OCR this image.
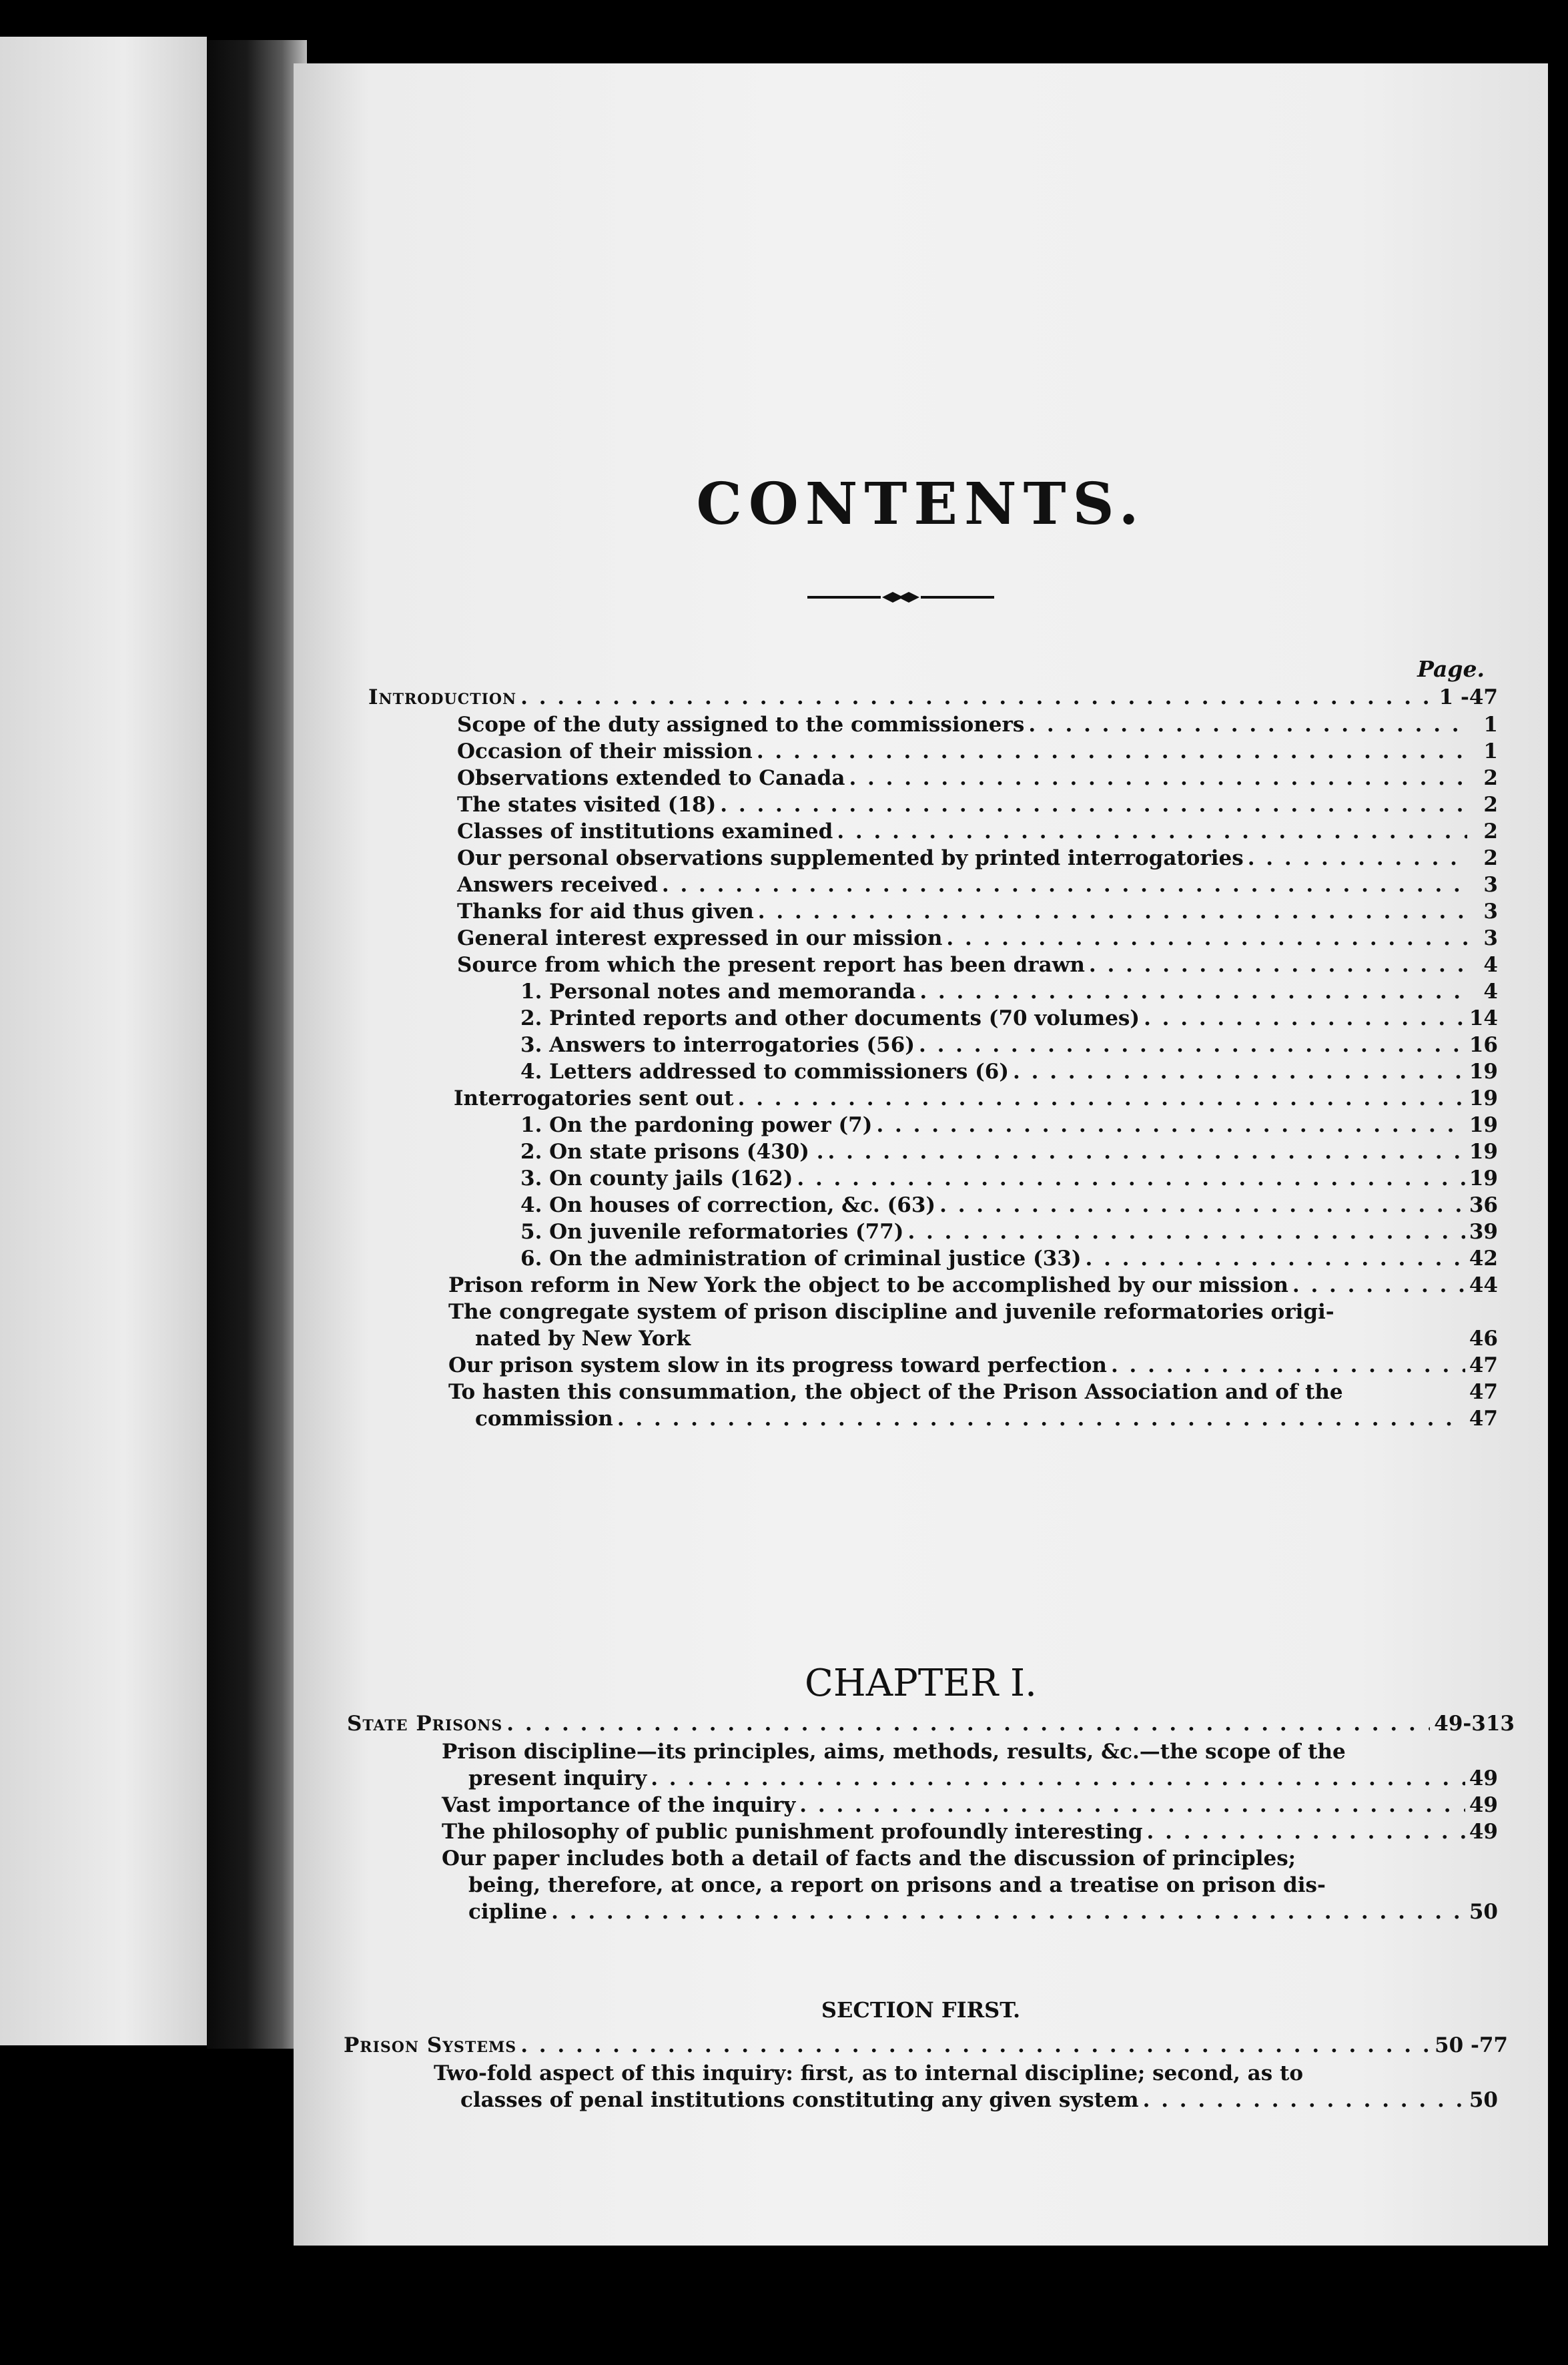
CONTENTS.
Page.
Introduction . . .	1 -47
Scope of the duty assigned to the commissioners . . .	1
Occasion of their mission . . .	1
Observations extended to Canada . . .	2
The states visited (18) . . .	2
Classes of institutions examined . . .	2
Our personal observations supplemented by printed interrogatories . . .	2
Answers received . . .	3
Thanks for aid thus given . . .	3
General interest expressed in our mission . . .	3
Source from which the present report has been drawn . . .	4
1. Personal notes and memoranda . . .	4
2. Printed reports and other documents (70 volumes) . . .	14
3. Answers to interrogatories (56) . . .	16
4. Letters addressed to commissioners (6) . . .	19
Interrogatories sent out . . .	19
1. On the pardoning power (7) . . .	19
2. On state prisons (430) . . . .	19
3. On county jails (162) . . .	19
4. On houses of correction, &c. (63) . . .	36
5. On juvenile reformatories (77) . . .	39
6. On the administration of criminal justice (33) . . .	42
Prison reform in New York the object to be accomplished by our mission . . .	44
The congregate system of prison discipline and juvenile reformatories origi-
nated by New York	46
Our prison system slow in its progress toward perfection . . .	47
To hasten this consummation, the object of the Prison Association and of the	47
commission . . .	47
CHAPTER I.
State Prisons . . .	49-313
Prison discipline—its principles, aims, methods, results, &c.—the scope of the
present inquiry . . .	49
Vast importance of the inquiry . . .	49
The philosophy of public punishment profoundly interesting . . .	49
Our paper includes both a detail of facts and the discussion of principles;
being, therefore, at once, a report on prisons and a treatise on prison dis-
cipline . . .	50
SECTION FIRST.
Prison Systems . . .	50 -77
Two-fold aspect of this inquiry: first, as to internal discipline; second, as to
classes of penal institutions constituting any given system . . .	50
